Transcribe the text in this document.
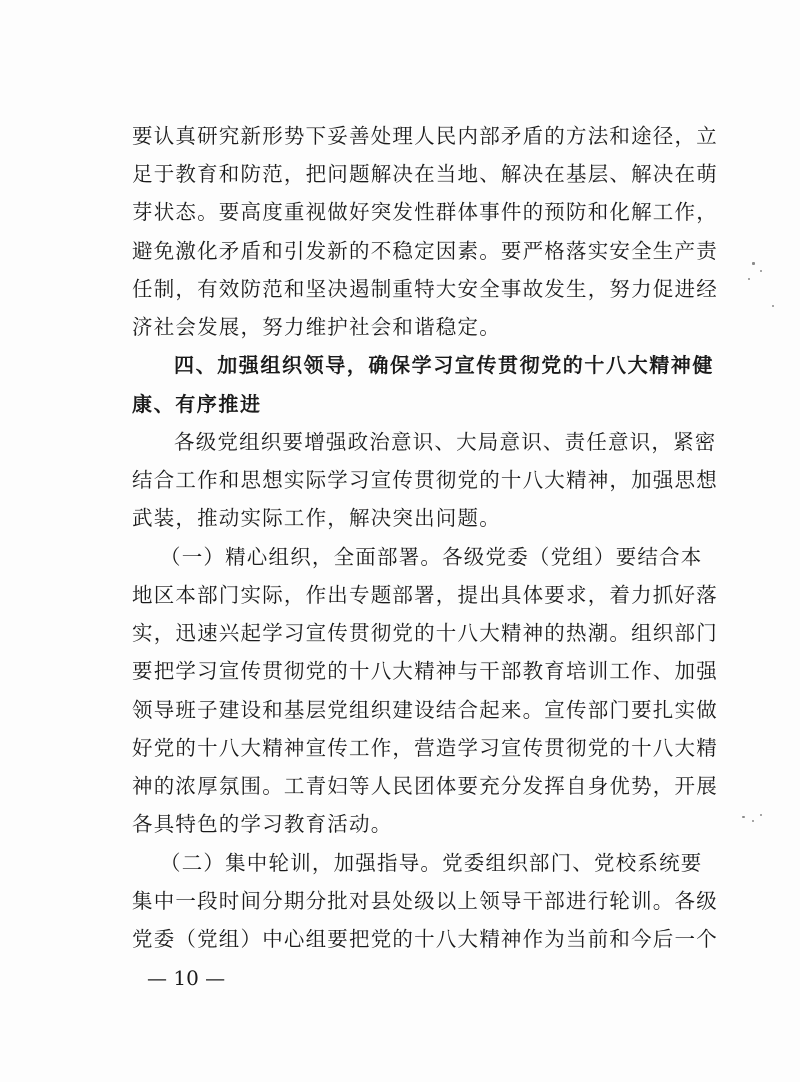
要认真研究新形势下妥善处理人民内部矛盾的方法和途径，立
足于教育和防范，把问题解决在当地、解决在基层、解决在萌
芽状态。要高度重视做好突发性群体事件的预防和化解工作，
避免激化矛盾和引发新的不稳定因素。要严格落实安全生产责
任制，有效防范和坚决遏制重特大安全事故发生，努力促进经
济社会发展，努力维护社会和谐稳定。
四、加强组织领导，确保学习宣传贯彻党的十八大精神健
康、有序推进
各级党组织要增强政治意识、大局意识、责任意识，紧密
结合工作和思想实际学习宣传贯彻党的十八大精神，加强思想
武装，推动实际工作，解决突出问题。
（一）精心组织，全面部署。各级党委（党组）要结合本
地区本部门实际，作出专题部署，提出具体要求，着力抓好落
实，迅速兴起学习宣传贯彻党的十八大精神的热潮。组织部门
要把学习宣传贯彻党的十八大精神与干部教育培训工作、加强
领导班子建设和基层党组织建设结合起来。宣传部门要扎实做
好党的十八大精神宣传工作，营造学习宣传贯彻党的十八大精
神的浓厚氛围。工青妇等人民团体要充分发挥自身优势，开展
各具特色的学习教育活动。
（二）集中轮训，加强指导。党委组织部门、党校系统要
集中一段时间分期分批对县处级以上领导干部进行轮训。各级
党委（党组）中心组要把党的十八大精神作为当前和今后一个
— 10 —
